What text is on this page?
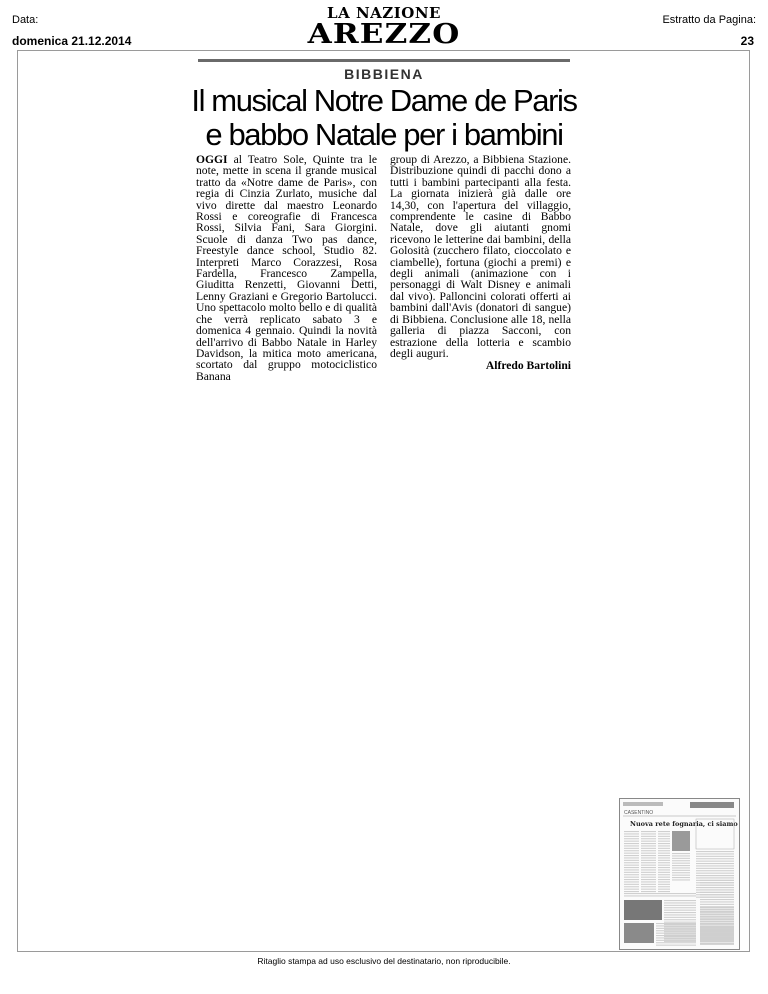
Data:
domenica 21.12.2014
Estratto da Pagina:
23
LA NAZIONE
AREZZO
BIBBIENA
Il musical Notre Dame de Paris
e babbo Natale per i bambini

OGGI al Teatro Sole, Quinte tra le note, mette in scena il grande musical tratto da «Notre dame de Paris», con regia di Cinzia Zurlato, musiche dal vivo dirette dal maestro Leonardo Rossi e coreografie di Francesca Rossi, Silvia Fani, Sara Giorgini. Scuole di danza Two pas dance, Freestyle dance school, Studio 82. Interpreti Marco Corazzesi, Rosa Fardella, Francesco Zampella, Giuditta Renzetti, Giovanni Detti, Lenny Graziani e Gregorio Bartolucci. Uno spettacolo molto bello e di qualità che verrà replicato sabato 3 e domenica 4 gennaio. Quindi la novità dell'arrivo di Babbo Natale in Harley Davidson, la mitica moto americana, scortato dal gruppo motociclistico Banana

group di Arezzo, a Bibbiena Stazione. Distribuzione quindi di pacchi dono a tutti i bambini partecipanti alla festa. La giornata inizierà già dalle ore 14,30, con l'apertura del villaggio, comprendente le casine di Babbo Natale, dove gli aiutanti gnomi ricevono le letterine dai bambini, della Golosità (zucchero filato, cioccolato e ciambelle), fortuna (giochi a premi) e degli animali (animazione con i personaggi di Walt Disney e animali dal vivo). Palloncini colorati offerti ai bambini dall'Avis (donatori di sangue) di Bibbiena. Conclusione alle 18, nella galleria di piazza Sacconi, con estrazione della lotteria e scambio degli auguri.

Alfredo Bartolini
CASENTINO
Nuova rete fognaria, ci siamo
Ritaglio stampa ad uso esclusivo del destinatario, non riproducibile.
